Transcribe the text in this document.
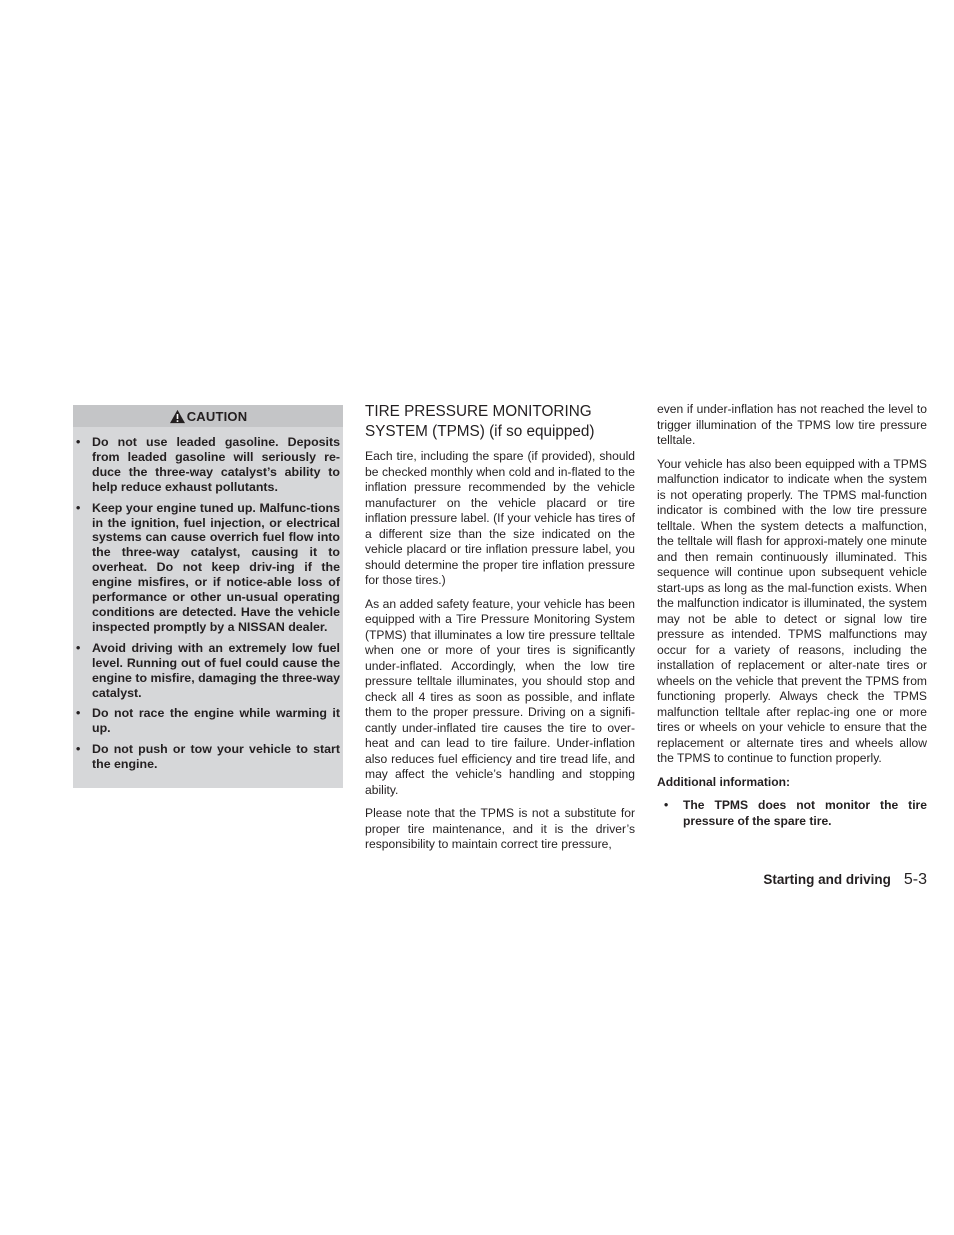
CAUTION
• Do not use leaded gasoline. Deposits from leaded gasoline will seriously re-duce the three-way catalyst’s ability to help reduce exhaust pollutants.
• Keep your engine tuned up. Malfunc-tions in the ignition, fuel injection, or electrical systems can cause overrich fuel flow into the three-way catalyst, causing it to overheat. Do not keep driv-ing if the engine misfires, or if notice-able loss of performance or other un-usual operating conditions are detected. Have the vehicle inspected promptly by a NISSAN dealer.
• Avoid driving with an extremely low fuel level. Running out of fuel could cause the engine to misfire, damaging the three-way catalyst.
• Do not race the engine while warming it up.
• Do not push or tow your vehicle to start the engine.
TIRE PRESSURE MONITORING SYSTEM (TPMS) (if so equipped)

Each tire, including the spare (if provided), should be checked monthly when cold and in-flated to the inflation pressure recommended by the vehicle manufacturer on the vehicle placard or tire inflation pressure label. (If your vehicle has tires of a different size than the size indicated on the vehicle placard or tire inflation pressure label, you should determine the proper tire inflation pressure for those tires.)

As an added safety feature, your vehicle has been equipped with a Tire Pressure Monitoring System (TPMS) that illuminates a low tire pressure telltale when one or more of your tires is significantly under-inflated. Accordingly, when the low tire pressure telltale illuminates, you should stop and check all 4 tires as soon as possible, and inflate them to the proper pressure. Driving on a signifi-cantly under-inflated tire causes the tire to over-heat and can lead to tire failure. Under-inflation also reduces fuel efficiency and tire tread life, and may affect the vehicle’s handling and stopping ability.

Please note that the TPMS is not a substitute for proper tire maintenance, and it is the driver’s responsibility to maintain correct tire pressure,

even if under-inflation has not reached the level to trigger illumination of the TPMS low tire pressure telltale.

Your vehicle has also been equipped with a TPMS malfunction indicator to indicate when the system is not operating properly. The TPMS mal-function indicator is combined with the low tire pressure telltale. When the system detects a malfunction, the telltale will flash for approxi-mately one minute and then remain continuously illuminated. This sequence will continue upon subsequent vehicle start-ups as long as the mal-function exists. When the malfunction indicator is illuminated, the system may not be able to detect or signal low tire pressure as intended. TPMS malfunctions may occur for a variety of reasons, including the installation of replacement or alter-nate tires or wheels on the vehicle that prevent the TPMS from functioning properly. Always check the TPMS malfunction telltale after replac-ing one or more tires or wheels on your vehicle to ensure that the replacement or alternate tires and wheels allow the TPMS to continue to function properly.

Additional information:

• The TPMS does not monitor the tire pressure of the spare tire.
Starting and driving 5-3
